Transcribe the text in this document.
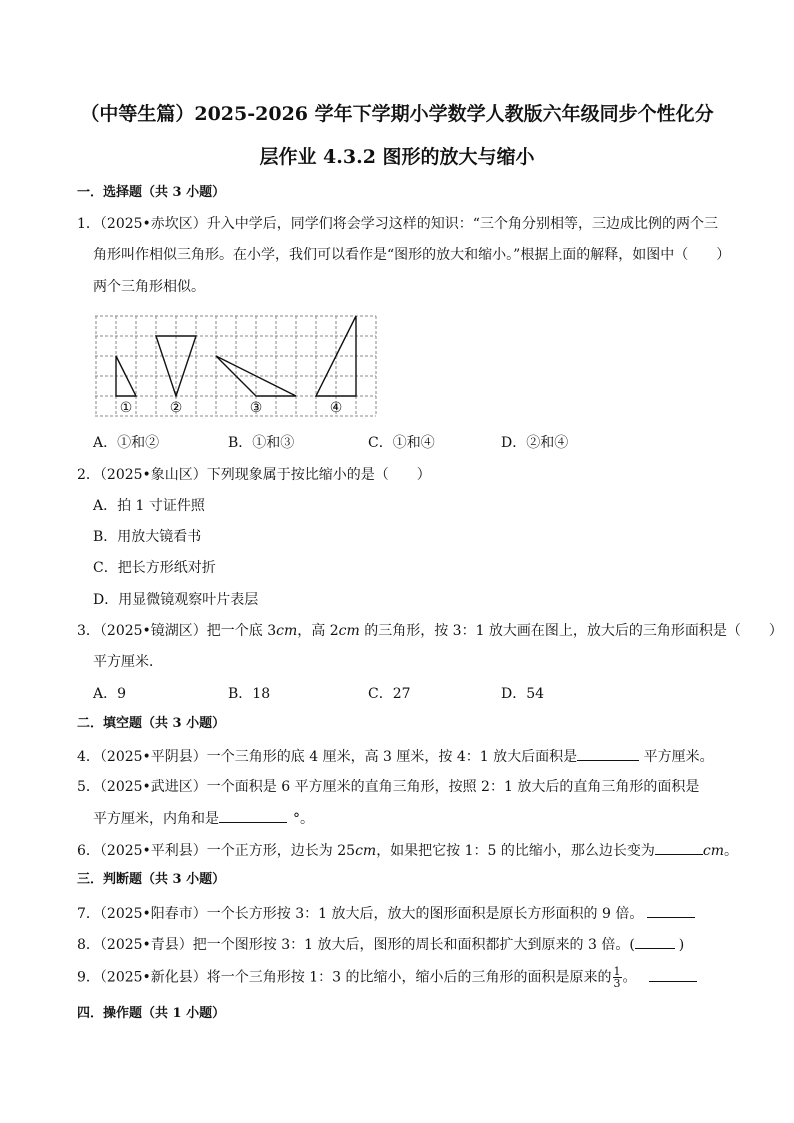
（中等生篇）2025-2026 学年下学期小学数学人教版六年级同步个性化分
层作业 4.3.2 图形的放大与缩小
一．选择题（共 3 小题）
1．（2025•赤坎区）升入中学后，同学们将会学习这样的知识：“三个角分别相等，三边成比例的两个三
角形叫作相似三角形。在小学，我们可以看作是“图形的放大和缩小。”根据上面的解释，如图中（　　）
两个三角形相似。
①	②	③	④
A．①和②	B．①和③	C．①和④	D．②和④
2．（2025•象山区）下列现象属于按比缩小的是（　　）
A．拍 1 寸证件照
B．用放大镜看书
C．把长方形纸对折
D．用显微镜观察叶片表层
3．（2025•镜湖区）把一个底 3cm，高 2cm 的三角形，按 3：1 放大画在图上，放大后的三角形面积是（　　）
平方厘米．
A．9	B．18	C．27	D．54
二．填空题（共 3 小题）
4．（2025•平阴县）一个三角形的底 4 厘米，高 3 厘米，按 4：1 放大后面积是	平方厘米。
5．（2025•武进区）一个面积是 6 平方厘米的直角三角形，按照 2：1 放大后的直角三角形的面积是
平方厘米，内角和是	°。
6．（2025•平利县）一个正方形，边长为 25cm，如果把它按 1：5 的比缩小，那么边长变为	cm。
三．判断题（共 3 小题）
7．（2025•阳春市）一个长方形按 3：1 放大后，放大的图形面积是原长方形面积的 9 倍。
8．（2025•青县）把一个图形按 3：1 放大后，图形的周长和面积都扩大到原来的 3 倍。(	)
9．（2025•新化县）将一个三角形按 1：3 的比缩小，缩小后的三角形的面积是原来的 $\frac{1}{3}$ 。
四．操作题（共 1 小题）
